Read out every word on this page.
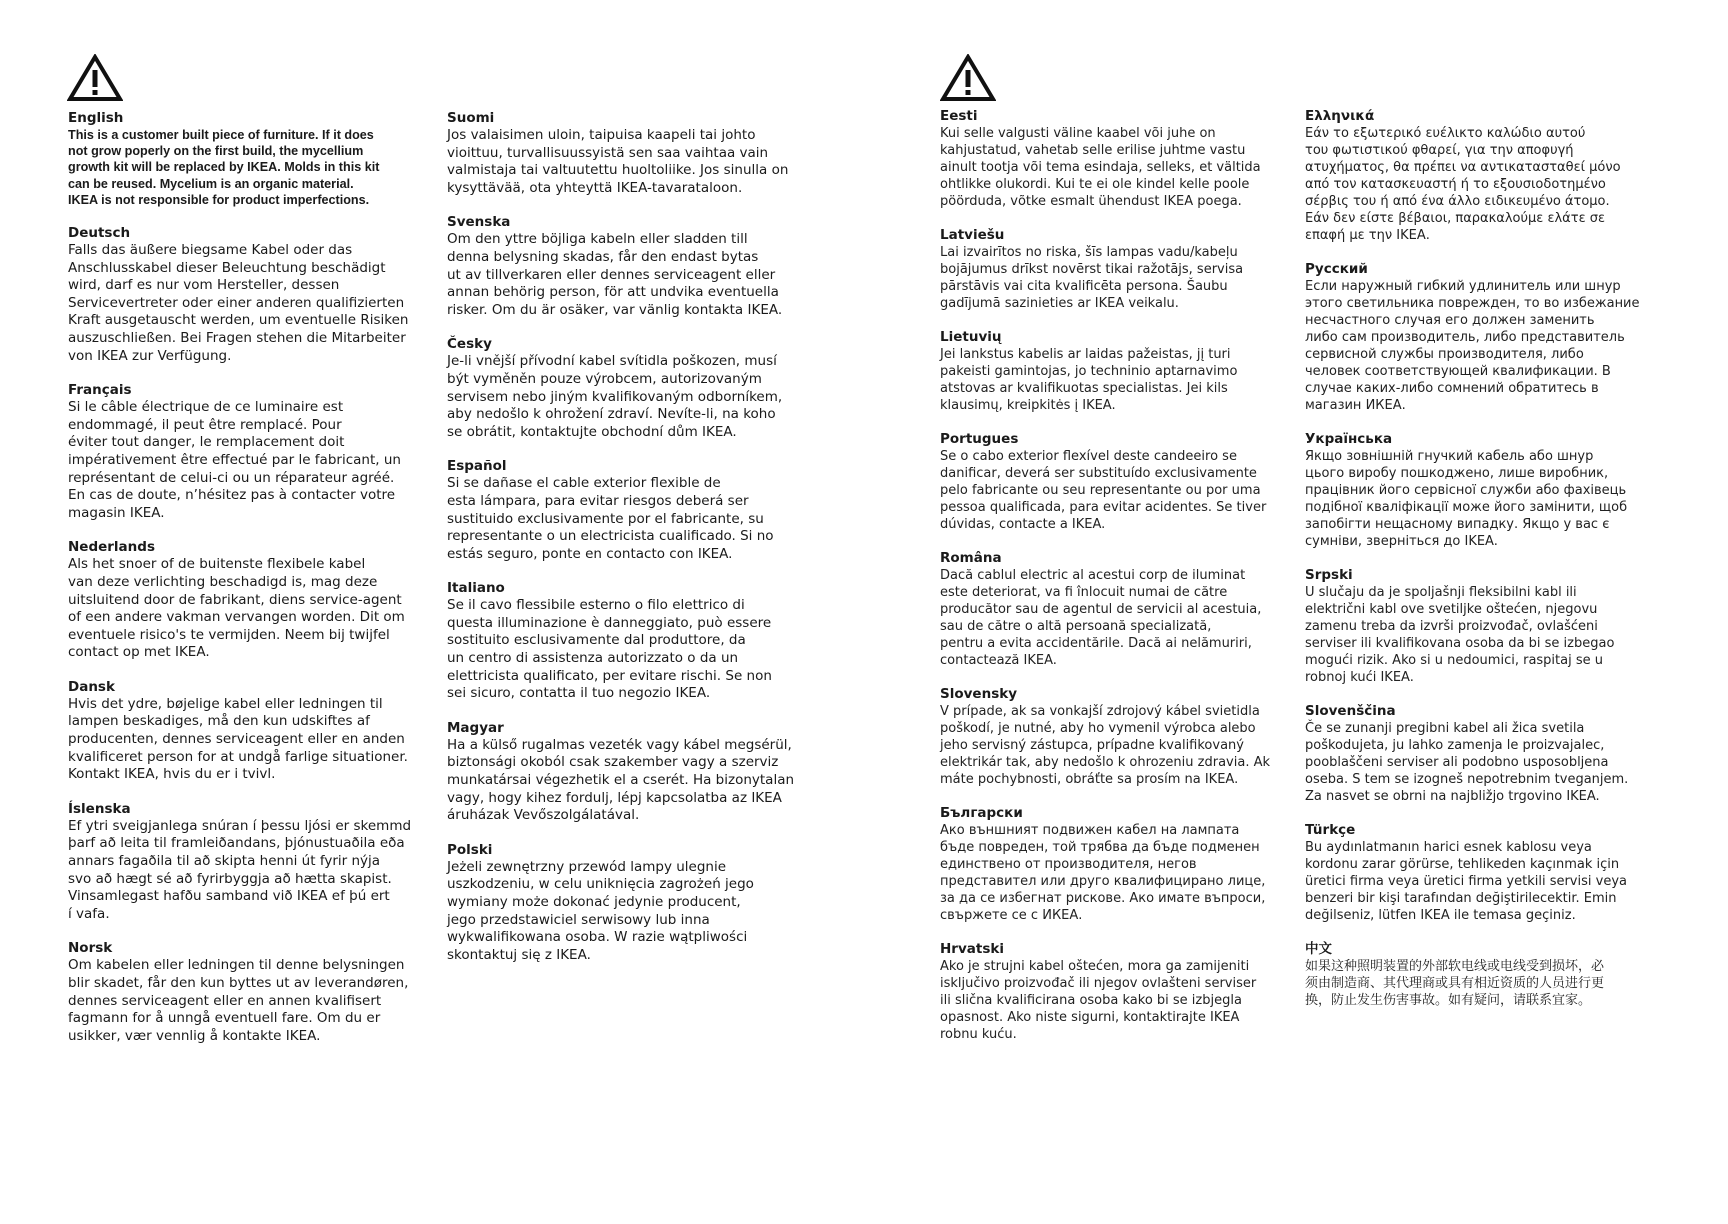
English
This is a customer built piece of furniture. If it does
not grow poperly on the first build, the mycellium
growth kit will be replaced by IKEA. Molds in this kit
can be reused. Mycelium is an organic material.
IKEA is not responsible for product imperfections.
Deutsch
Falls das äußere biegsame Kabel oder das
Anschlusskabel dieser Beleuchtung beschädigt
wird, darf es nur vom Hersteller, dessen
Servicevertreter oder einer anderen qualifizierten
Kraft ausgetauscht werden, um eventuelle Risiken
auszuschließen. Bei Fragen stehen die Mitarbeiter
von IKEA zur Verfügung.
Français
Si le câble électrique de ce luminaire est
endommagé, il peut être remplacé. Pour
éviter tout danger, le remplacement doit
impérativement être effectué par le fabricant, un
représentant de celui-ci ou un réparateur agréé.
En cas de doute, n’hésitez pas à contacter votre
magasin IKEA.
Nederlands
Als het snoer of de buitenste flexibele kabel
van deze verlichting beschadigd is, mag deze
uitsluitend door de fabrikant, diens service-agent
of een andere vakman vervangen worden. Dit om
eventuele risico's te vermijden. Neem bij twijfel
contact op met IKEA.
Dansk
Hvis det ydre, bøjelige kabel eller ledningen til
lampen beskadiges, må den kun udskiftes af
producenten, dennes serviceagent eller en anden
kvalificeret person for at undgå farlige situationer.
Kontakt IKEA, hvis du er i tvivl.
Íslenska
Ef ytri sveigjanlega snúran í þessu ljósi er skemmd
þarf að leita til framleiðandans, þjónustuaðila eða
annars fagaðila til að skipta henni út fyrir nýja
svo að hægt sé að fyrirbyggja að hætta skapist.
Vinsamlegast hafðu samband við IKEA ef þú ert
í vafa.
Norsk
Om kabelen eller ledningen til denne belysningen
blir skadet, får den kun byttes ut av leverandøren,
dennes serviceagent eller en annen kvalifisert
fagmann for å unngå eventuell fare. Om du er
usikker, vær vennlig å kontakte IKEA.
Suomi
Jos valaisimen uloin, taipuisa kaapeli tai johto
vioittuu, turvallisuussyistä sen saa vaihtaa vain
valmistaja tai valtuutettu huoltoliike. Jos sinulla on
kysyttävää, ota yhteyttä IKEA-tavarataloon.
Svenska
Om den yttre böjliga kabeln eller sladden till
denna belysning skadas, får den endast bytas
ut av tillverkaren eller dennes serviceagent eller
annan behörig person, för att undvika eventuella
risker. Om du är osäker, var vänlig kontakta IKEA.
Česky
Je-li vnější přívodní kabel svítidla poškozen, musí
být vyměněn pouze výrobcem, autorizovaným
servisem nebo jiným kvalifikovaným odborníkem,
aby nedošlo k ohrožení zdraví. Nevíte-li, na koho
se obrátit, kontaktujte obchodní dům IKEA.
Español
Si se dañase el cable exterior flexible de
esta lámpara, para evitar riesgos deberá ser
sustituido exclusivamente por el fabricante, su
representante o un electricista cualificado. Si no
estás seguro, ponte en contacto con IKEA.
Italiano
Se il cavo flessibile esterno o filo elettrico di
questa illuminazione è danneggiato, può essere
sostituito esclusivamente dal produttore, da
un centro di assistenza autorizzato o da un
elettricista qualificato, per evitare rischi. Se non
sei sicuro, contatta il tuo negozio IKEA.
Magyar
Ha a külső rugalmas vezeték vagy kábel megsérül,
biztonsági okoból csak szakember vagy a szerviz
munkatársai végezhetik el a cserét. Ha bizonytalan
vagy, hogy kihez fordulj, lépj kapcsolatba az IKEA
áruházak Vevőszolgálatával.
Polski
Jeżeli zewnętrzny przewód lampy ulegnie
uszkodzeniu, w celu uniknięcia zagrożeń jego
wymiany może dokonać jedynie producent,
jego przedstawiciel serwisowy lub inna
wykwalifikowana osoba. W razie wątpliwości
skontaktuj się z IKEA.
Eesti
Kui selle valgusti väline kaabel või juhe on
kahjustatud, vahetab selle erilise juhtme vastu
ainult tootja või tema esindaja, selleks, et vältida
ohtlikke olukordi. Kui te ei ole kindel kelle poole
pöörduda, võtke esmalt ühendust IKEA poega.
Latviešu
Lai izvairītos no riska, šīs lampas vadu/kabeļu
bojājumus drīkst novērst tikai ražotājs, servisa
pārstāvis vai cita kvalificēta persona. Šaubu
gadījumā sazinieties ar IKEA veikalu.
Lietuvių
Jei lankstus kabelis ar laidas pažeistas, jį turi
pakeisti gamintojas, jo techninio aptarnavimo
atstovas ar kvalifikuotas specialistas. Jei kils
klausimų, kreipkitės į IKEA.
Portugues
Se o cabo exterior flexível deste candeeiro se
danificar, deverá ser substituído exclusivamente
pelo fabricante ou seu representante ou por uma
pessoa qualificada, para evitar acidentes. Se tiver
dúvidas, contacte a IKEA.
Româna
Dacă cablul electric al acestui corp de iluminat
este deteriorat, va fi înlocuit numai de către
producător sau de agentul de servicii al acestuia,
sau de către o altă persoană specializată,
pentru a evita accidentările. Dacă ai nelămuriri,
contactează IKEA.
Slovensky
V prípade, ak sa vonkajší zdrojový kábel svietidla
poškodí, je nutné, aby ho vymenil výrobca alebo
jeho servisný zástupca, prípadne kvalifikovaný
elektrikár tak, aby nedošlo k ohrozeniu zdravia. Ak
máte pochybnosti, obráťte sa prosím na IKEA.
Български
Ако външният подвижен кабел на лампата
бъде повреден, той трябва да бъде подменен
единствено от производителя, негов
представител или друго квалифицирано лице,
за да се избегнат рискове. Ако имате въпроси,
свържете се с ИКЕА.
Hrvatski
Ako je strujni kabel oštećen, mora ga zamijeniti
isključivo proizvođač ili njegov ovlašteni serviser
ili slična kvalificirana osoba kako bi se izbjegla
opasnost. Ako niste sigurni, kontaktirajte IKEA
robnu kuću.
Ελληνικά
Εάν το εξωτερικό ευέλικτο καλώδιο αυτού
του φωτιστικού φθαρεί, για την αποφυγή
ατυχήματος, θα πρέπει να αντικατασταθεί μόνο
από τον κατασκευαστή ή το εξουσιοδοτημένο
σέρβις του ή από ένα άλλο ειδικευμένο άτομο.
Εάν δεν είστε βέβαιοι, παρακαλούμε ελάτε σε
επαφή με την ΙΚΕΑ.
Русский
Если наружный гибкий удлинитель или шнур
этого светильника поврежден, то во избежание
несчастного случая его должен заменить
либо сам производитель, либо представитель
сервисной службы производителя, либо
человек соответствующей квалификации. В
случае каких-либо сомнений обратитесь в
магазин ИКЕА.
Українська
Якщо зовнішній гнучкий кабель або шнур
цього виробу пошкоджено, лише виробник,
працівник його сервісної служби або фахівець
подібної кваліфікації може його замінити, щоб
запобігти нещасному випадку. Якщо у вас є
сумніви, зверніться до IKEA.
Srpski
U slučaju da je spoljašnji fleksibilni kabl ili
električni kabl ove svetiljke oštećen, njegovu
zamenu treba da izvrši proizvođač, ovlašćeni
serviser ili kvalifikovana osoba da bi se izbegao
mogući rizik. Ako si u nedoumici, raspitaj se u
robnoj kući IKEA.
Slovenščina
Če se zunanji pregibni kabel ali žica svetila
poškodujeta, ju lahko zamenja le proizvajalec,
pooblaščeni serviser ali podobno usposobljena
oseba. S tem se izogneš nepotrebnim tveganjem.
Za nasvet se obrni na najbližjo trgovino IKEA.
Türkçe
Bu aydınlatmanın harici esnek kablosu veya
kordonu zarar görürse, tehlikeden kaçınmak için
üretici firma veya üretici firma yetkili servisi veya
benzeri bir kişi tarafından değiştirilecektir. Emin
değilseniz, lütfen IKEA ile temasa geçiniz.
中文
如果这种照明装置的外部软电线或电线受到损坏，必
须由制造商、其代理商或具有相近资质的人员进行更
换，防止发生伤害事故。如有疑问，请联系宜家。
